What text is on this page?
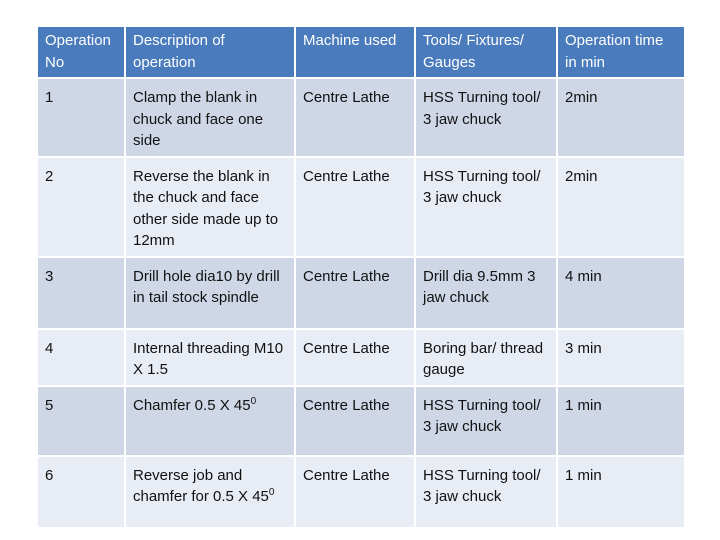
Operation No	Description of operation	Machine used	Tools/ Fixtures/ Gauges	Operation time in min
1	Clamp the blank in chuck and face one side	Centre Lathe	HSS Turning tool/ 3 jaw chuck	2min
2	Reverse the blank in the chuck and face other side made up to 12mm	Centre Lathe	HSS Turning tool/ 3 jaw chuck	2min
3	Drill hole dia10 by drill in tail stock spindle	Centre Lathe	Drill dia 9.5mm 3 jaw chuck	4 min
4	Internal threading M10 X 1.5	Centre Lathe	Boring bar/ thread gauge	3 min
5	Chamfer 0.5 X $45^0$	Centre Lathe	HSS Turning tool/ 3 jaw chuck	1 min
6	Reverse job and chamfer for 0.5 X $45^0$	Centre Lathe	HSS Turning tool/ 3 jaw chuck	1 min
